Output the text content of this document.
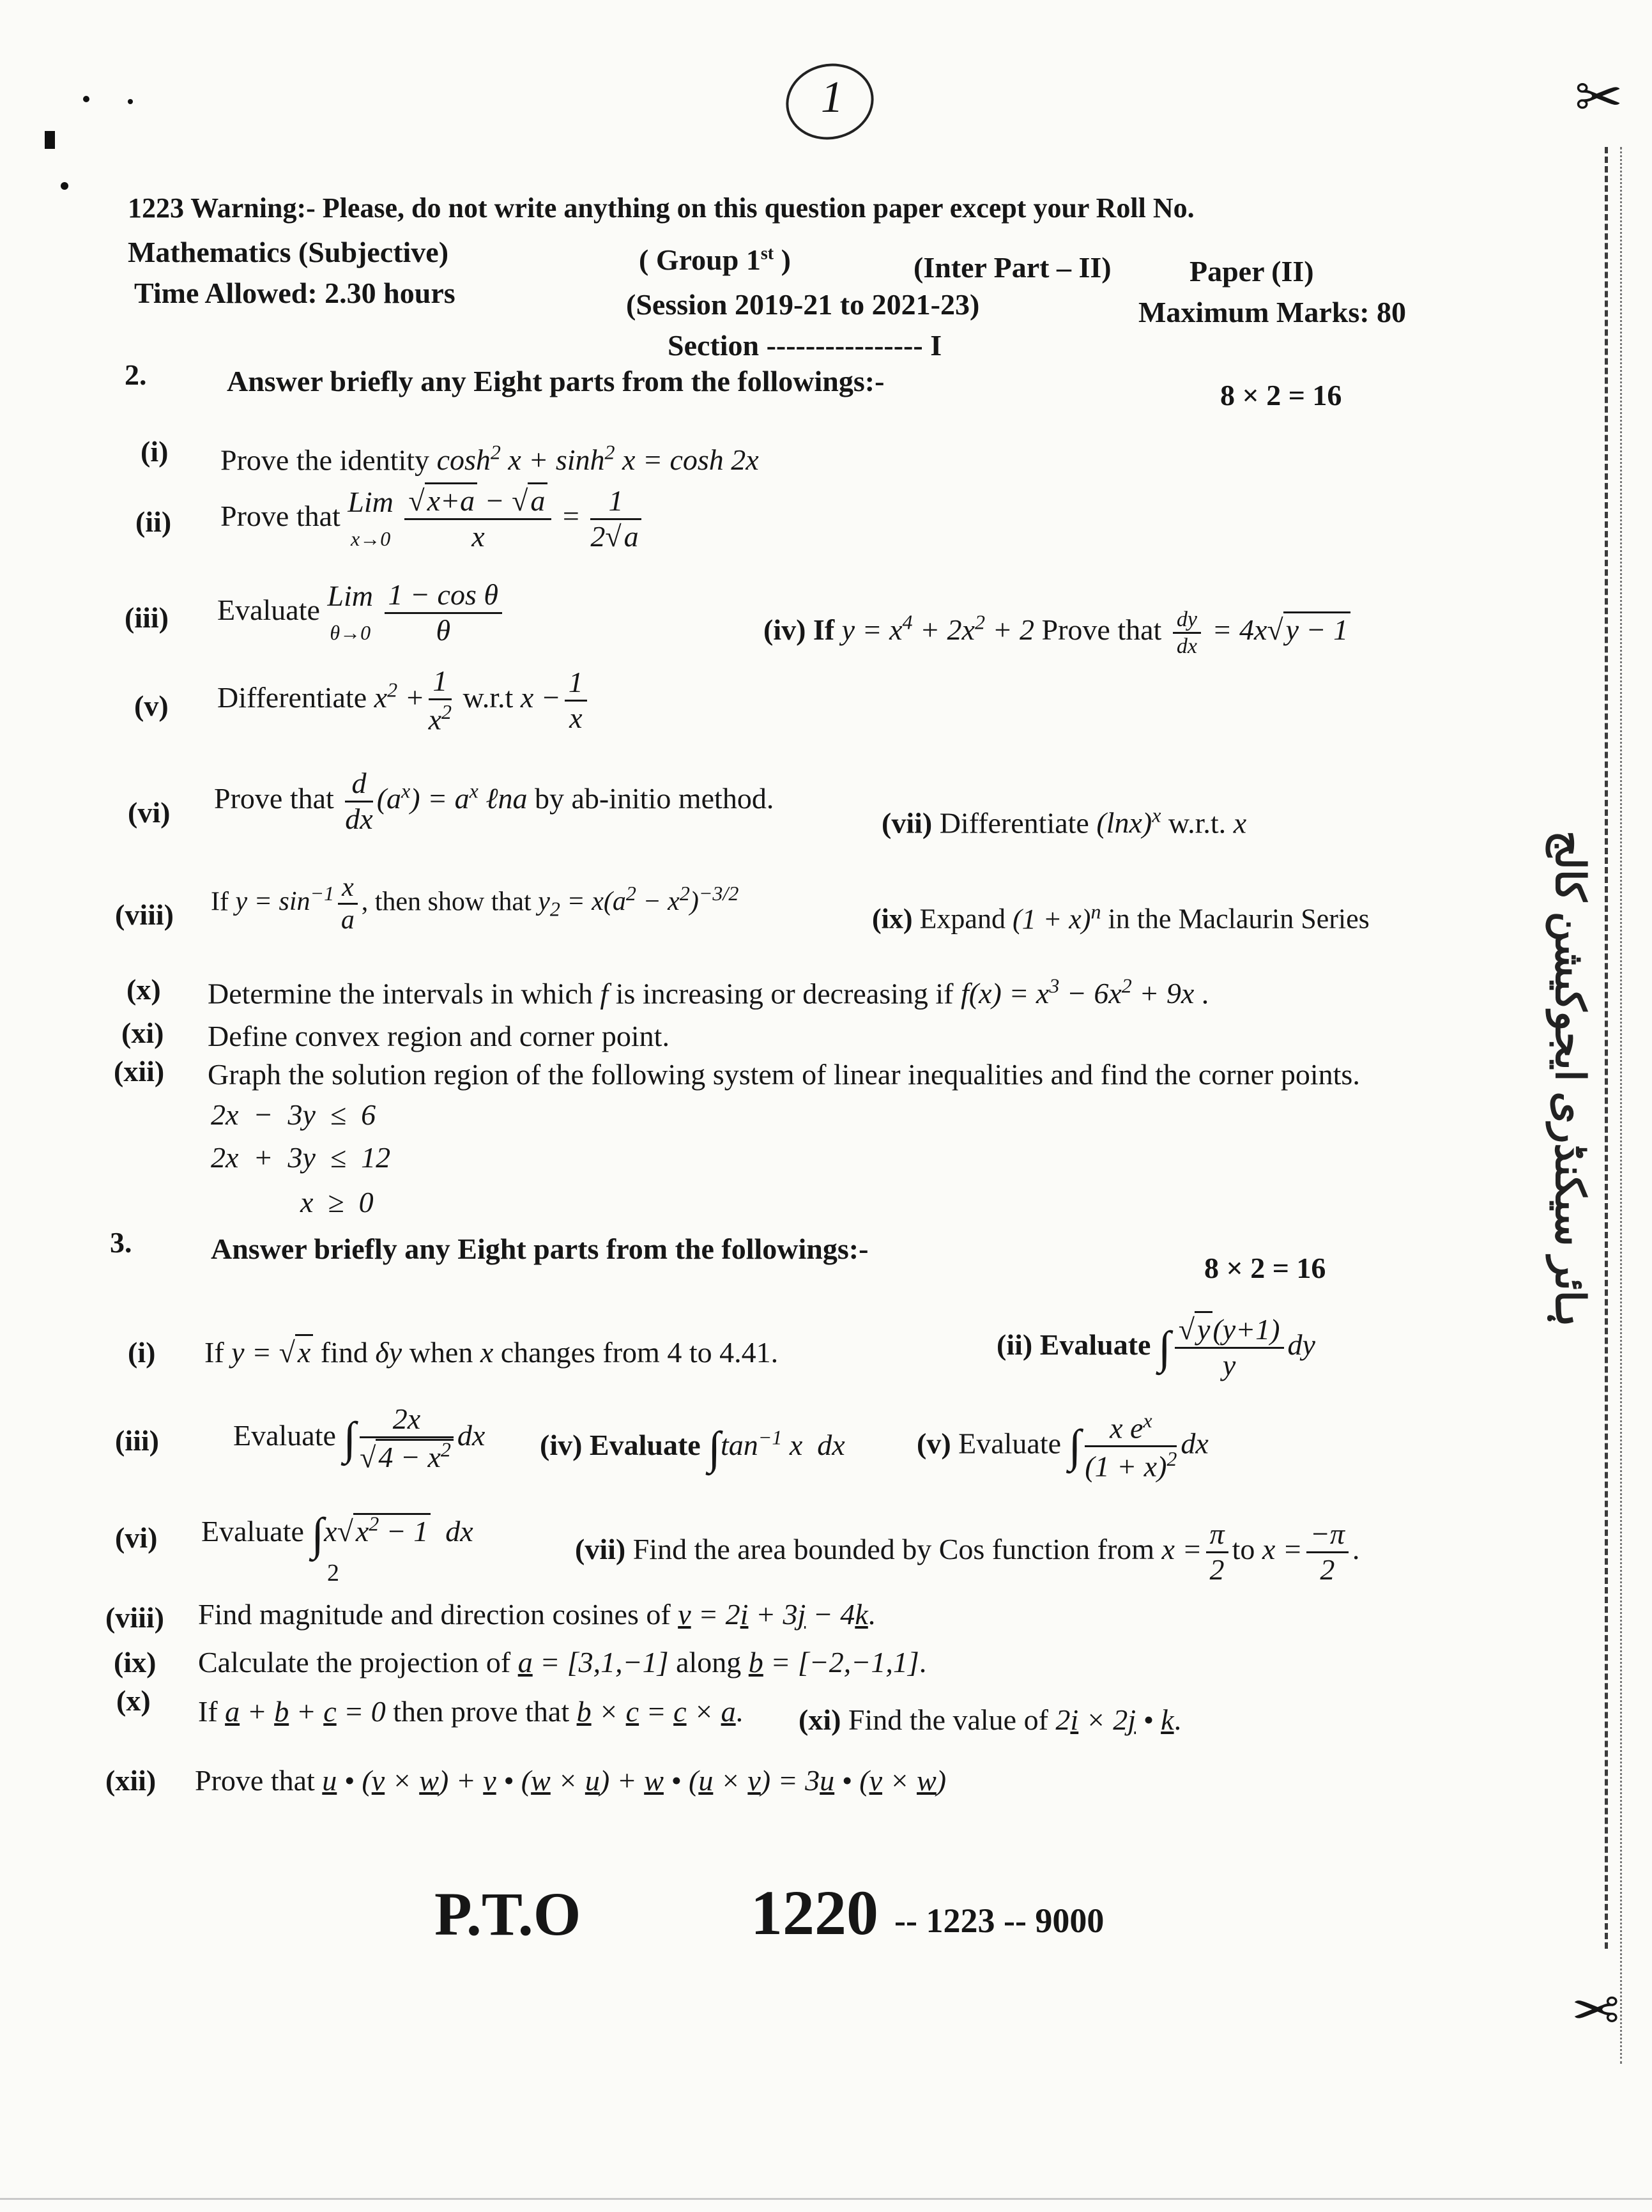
1	✂
✂
ہائر سیکنڈری ایجوکیشن کالج
1223 Warning:- Please, do not write anything on this question paper except your Roll No.
Mathematics (Subjective)	( Group 1st )	(Inter Part – II)	Paper (II)
Time Allowed: 2.30 hours	(Session 2019-21 to 2021-23)	Maximum Marks: 80
Section ---------------- I
2.	Answer briefly any Eight parts from the followings:-	8 × 2 = 16
(i) Prove the identity $\cosh^2 x + \sinh^2 x = \cosh 2x$
(ii) Prove that Lim
$x\to 0 \frac{√x+a - √a}{x} = \frac{1}{2√a}$
(iii) Evaluate Lim
$\theta\to 0 \frac{\text{1 − cos θ}}{\theta}$	(iv) If $y = x^4 + 2x^2 + 2$ Prove that $\frac{dy}{dx} = 4x√y - 1$
(v) Differentiate $x^2 + \frac{1}{x^2} w.r.t$ $x - \frac{1}{x}$
(vi) Prove that $\frac{d}{dx} (a^x) = a^x$ ℓna by ab-initio method.
(vii) Differentiate $(\ln x)^x$ w.r.t. x
(viii) If $y = \sin^{-1} \frac{x}{a}$ , then show that $y_2 = x(a^2 - x^2)^{-3/2}$
(ix) Expand $(1 + x)^n$ in the Maclaurin Series
(x) Determine the intervals in which f is increasing or decreasing if $f(x) = x^3 - 6x^2 + 9x$ .
(xi) Define convex region and corner point.
(xii) Graph the solution region of the following system of linear inequalities and find the corner points.
2x  −  3y  ≤  6
2x  +  3y  ≤  12
x  ≥  0
3.	Answer briefly any Eight parts from the followings:-
8 × 2 = 16
(i) If y = √x find δy when x changes from 4 to 4.41.	(ii) Evaluate ∫ $\frac{√y(y+1)}{y}$ dy
(iii)	Evaluate ∫ $\frac{2x}{√4 - x^2}$ dx (iv) Evaluate $\int\tan^{-1}$ x  dx (v) Evaluate ∫ $\frac{x e^x}{(1 + x)^2}$ dx
(vi) Evaluate $\int x√x^2 - 1$  dx
2
(vii) Find the area bounded by Cos function from $x = \frac{\pi}{2}$ to $x = \frac{-\pi}{2}$ .
(viii) Find magnitude and direction cosines of v = 2i + 3j − 4k.
(ix) Calculate the projection of a = [3,1,−1] along b = [−2,−1,1].
(x) If a + b + c = 0 then prove that b × c = c × a. (xi) Find the value of 2i × 2j • k.
(xii) Prove that u • (v × w) + v • (w × u) + w • (u × v) = 3u • (v × w)
P.T.O	1220 -- 1223 -- 9000
